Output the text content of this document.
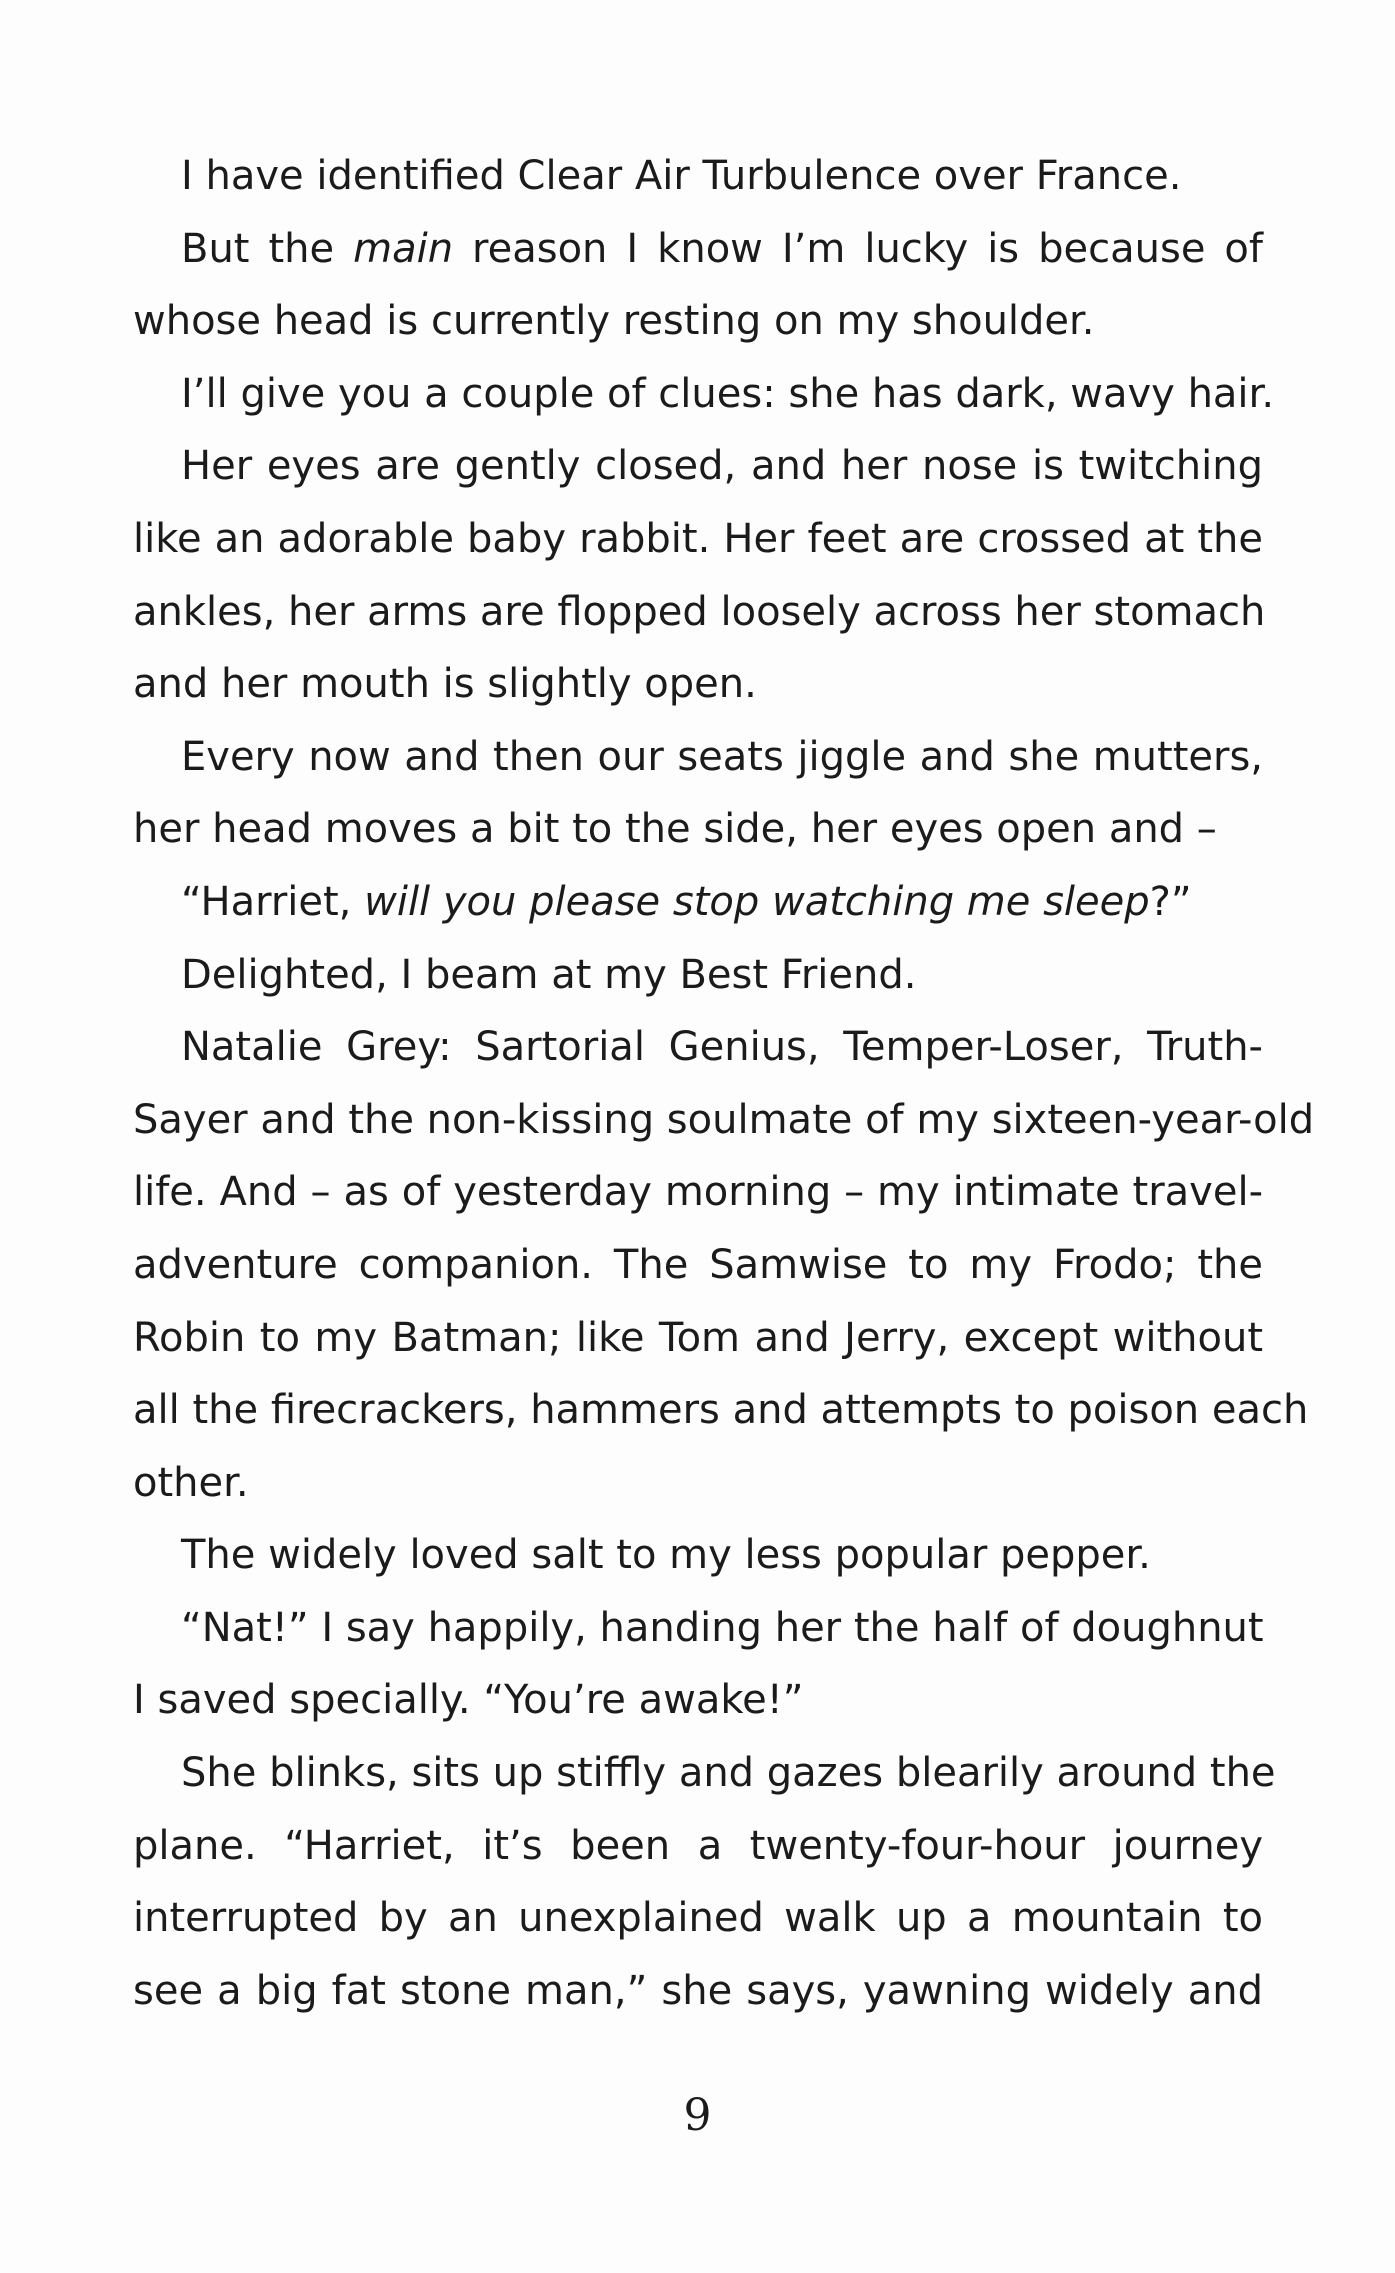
I have identified Clear Air Turbulence over France.
But the main reason I know I’m lucky is because of
whose head is currently resting on my shoulder.
I’ll give you a couple of clues: she has dark, wavy hair.
Her eyes are gently closed, and her nose is twitching
like an adorable baby rabbit. Her feet are crossed at the
ankles, her arms are flopped loosely across her stomach
and her mouth is slightly open.
Every now and then our seats jiggle and she mutters,
her head moves a bit to the side, her eyes open and –
“Harriet, will you please stop watching me sleep?”
Delighted, I beam at my Best Friend.
Natalie Grey: Sartorial Genius, Temper-Loser, Truth-
Sayer and the non-kissing soulmate of my sixteen-year-old
life. And – as of yesterday morning – my intimate travel-
adventure companion. The Samwise to my Frodo; the
Robin to my Batman; like Tom and Jerry, except without
all the firecrackers, hammers and attempts to poison each
other.
The widely loved salt to my less popular pepper.
“Nat!” I say happily, handing her the half of doughnut
I saved specially. “You’re awake!”
She blinks, sits up stiffly and gazes blearily around the
plane. “Harriet, it’s been a twenty-four-hour journey
interrupted by an unexplained walk up a mountain to
see a big fat stone man,” she says, yawning widely and
9
